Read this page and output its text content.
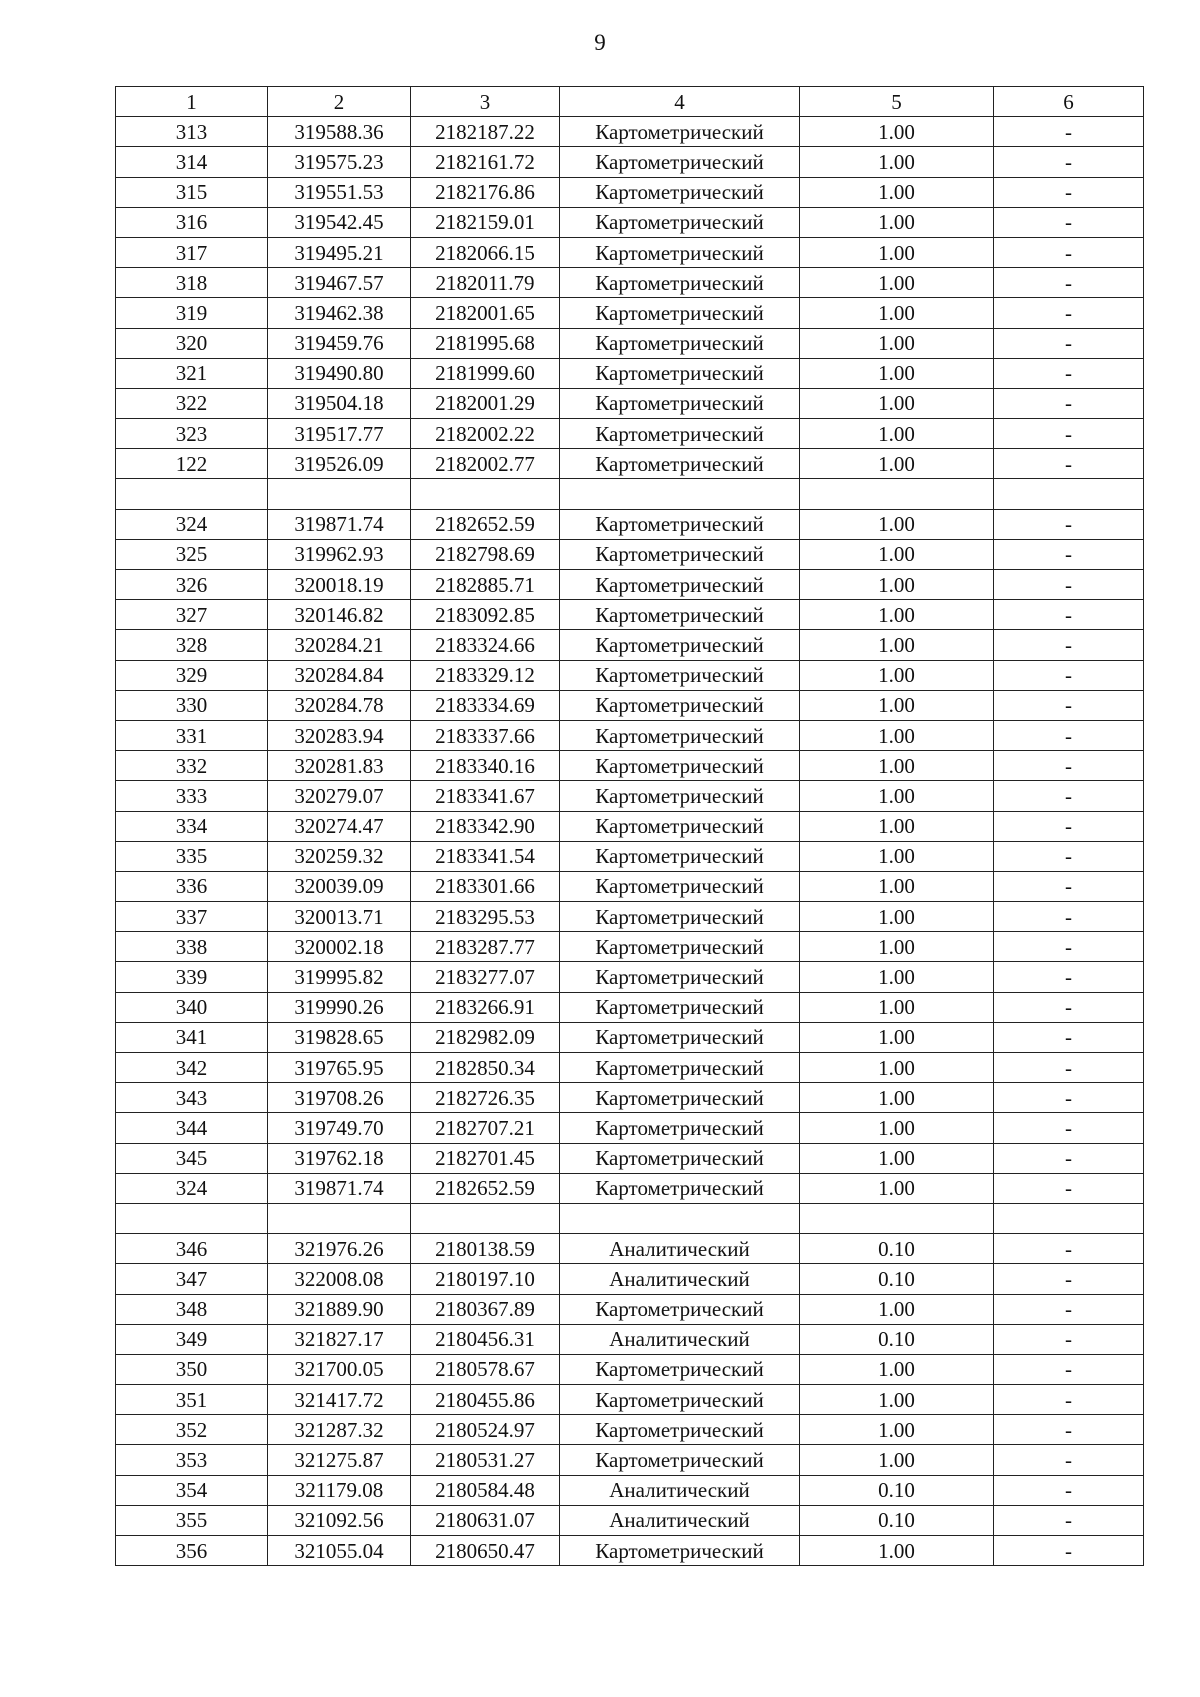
9
1	2	3	4	5	6
313	319588.36	2182187.22	Картометрический	1.00	-
314	319575.23	2182161.72	Картометрический	1.00	-
315	319551.53	2182176.86	Картометрический	1.00	-
316	319542.45	2182159.01	Картометрический	1.00	-
317	319495.21	2182066.15	Картометрический	1.00	-
318	319467.57	2182011.79	Картометрический	1.00	-
319	319462.38	2182001.65	Картометрический	1.00	-
320	319459.76	2181995.68	Картометрический	1.00	-
321	319490.80	2181999.60	Картометрический	1.00	-
322	319504.18	2182001.29	Картометрический	1.00	-
323	319517.77	2182002.22	Картометрический	1.00	-
122	319526.09	2182002.77	Картометрический	1.00	-

324	319871.74	2182652.59	Картометрический	1.00	-
325	319962.93	2182798.69	Картометрический	1.00	-
326	320018.19	2182885.71	Картометрический	1.00	-
327	320146.82	2183092.85	Картометрический	1.00	-
328	320284.21	2183324.66	Картометрический	1.00	-
329	320284.84	2183329.12	Картометрический	1.00	-
330	320284.78	2183334.69	Картометрический	1.00	-
331	320283.94	2183337.66	Картометрический	1.00	-
332	320281.83	2183340.16	Картометрический	1.00	-
333	320279.07	2183341.67	Картометрический	1.00	-
334	320274.47	2183342.90	Картометрический	1.00	-
335	320259.32	2183341.54	Картометрический	1.00	-
336	320039.09	2183301.66	Картометрический	1.00	-
337	320013.71	2183295.53	Картометрический	1.00	-
338	320002.18	2183287.77	Картометрический	1.00	-
339	319995.82	2183277.07	Картометрический	1.00	-
340	319990.26	2183266.91	Картометрический	1.00	-
341	319828.65	2182982.09	Картометрический	1.00	-
342	319765.95	2182850.34	Картометрический	1.00	-
343	319708.26	2182726.35	Картометрический	1.00	-
344	319749.70	2182707.21	Картометрический	1.00	-
345	319762.18	2182701.45	Картометрический	1.00	-
324	319871.74	2182652.59	Картометрический	1.00	-

346	321976.26	2180138.59	Аналитический	0.10	-
347	322008.08	2180197.10	Аналитический	0.10	-
348	321889.90	2180367.89	Картометрический	1.00	-
349	321827.17	2180456.31	Аналитический	0.10	-
350	321700.05	2180578.67	Картометрический	1.00	-
351	321417.72	2180455.86	Картометрический	1.00	-
352	321287.32	2180524.97	Картометрический	1.00	-
353	321275.87	2180531.27	Картометрический	1.00	-
354	321179.08	2180584.48	Аналитический	0.10	-
355	321092.56	2180631.07	Аналитический	0.10	-
356	321055.04	2180650.47	Картометрический	1.00	-
